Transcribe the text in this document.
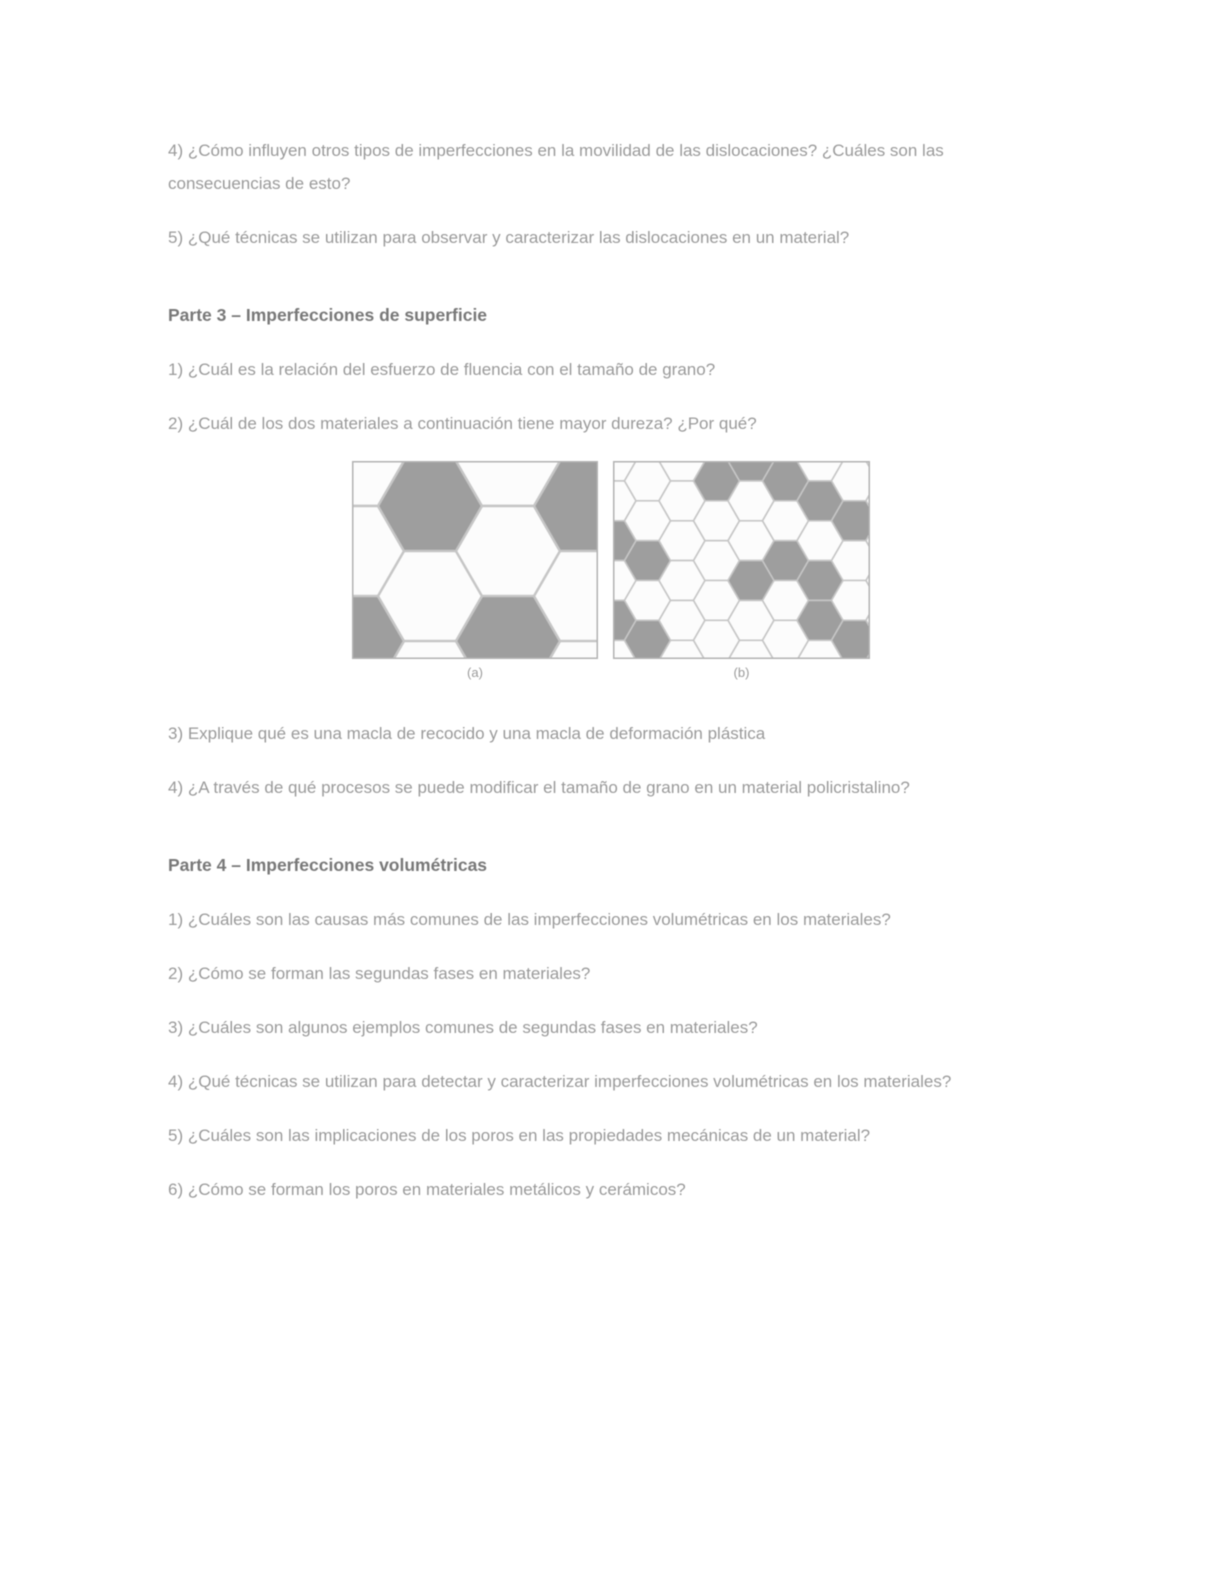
4) ¿Cómo influyen otros tipos de imperfecciones en la movilidad de las dislocaciones? ¿Cuáles son las consecuencias de esto?

5) ¿Qué técnicas se utilizan para observar y caracterizar las dislocaciones en un material?

Parte 3 – Imperfecciones de superficie

1) ¿Cuál es la relación del esfuerzo de fluencia con el tamaño de grano?

2) ¿Cuál de los dos materiales a continuación tiene mayor dureza? ¿Por qué?

(a)	(b)

3) Explique qué es una macla de recocido y una macla de deformación plástica

4) ¿A través de qué procesos se puede modificar el tamaño de grano en un material policristalino?

Parte 4 – Imperfecciones volumétricas

1) ¿Cuáles son las causas más comunes de las imperfecciones volumétricas en los materiales?

2) ¿Cómo se forman las segundas fases en materiales?

3) ¿Cuáles son algunos ejemplos comunes de segundas fases en materiales?

4) ¿Qué técnicas se utilizan para detectar y caracterizar imperfecciones volumétricas en los materiales?

5) ¿Cuáles son las implicaciones de los poros en las propiedades mecánicas de un material?

6) ¿Cómo se forman los poros en materiales metálicos y cerámicos?
